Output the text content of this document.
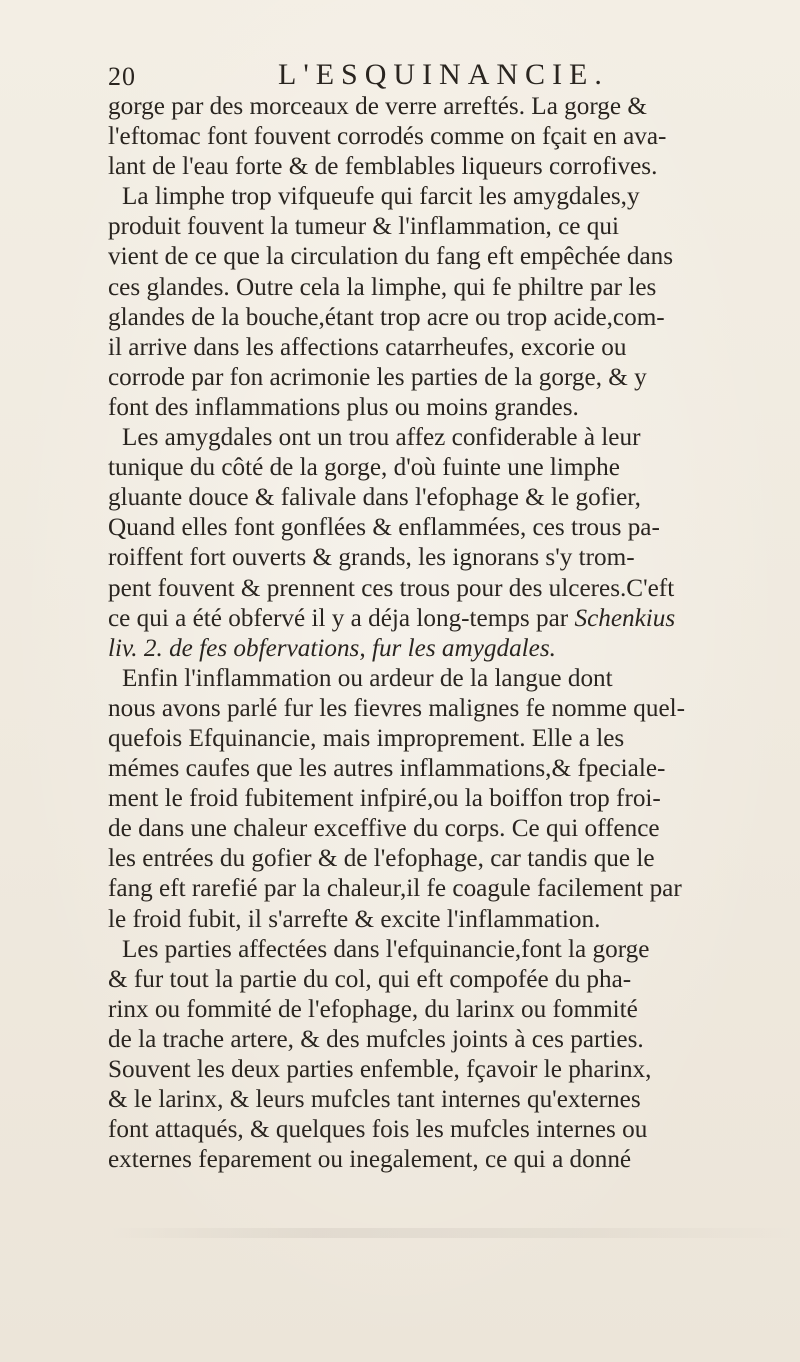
20	L'ESQUINANCIE.
gorge par des morceaux de verre arreftés. La gorge &
l'eftomac font fouvent corrodés comme on fçait en ava-
lant de l'eau forte & de femblables liqueurs corrofives.
La limphe trop vifqueufe qui farcit les amygdales,y
produit fouvent la tumeur & l'inflammation, ce qui
vient de ce que la circulation du fang eft empêchée dans
ces glandes. Outre cela la limphe, qui fe philtre par les
glandes de la bouche,étant trop acre ou trop acide,com-
il arrive dans les affections catarrheufes, excorie ou
corrode par fon acrimonie les parties de la gorge, & y
font des inflammations plus ou moins grandes.
Les amygdales ont un trou affez confiderable à leur
tunique du côté de la gorge, d'où fuinte une limphe
gluante douce & falivale dans l'efophage & le gofier,
Quand elles font gonflées & enflammées, ces trous pa-
roiffent fort ouverts & grands, les ignorans s'y trom-
pent fouvent & prennent ces trous pour des ulceres.C'eft
ce qui a été obfervé il y a déja long-temps par Schenkius
liv. 2. de fes obfervations, fur les amygdales.
Enfin l'inflammation ou ardeur de la langue dont
nous avons parlé fur les fievres malignes fe nomme quel-
quefois Efquinancie, mais improprement. Elle a les
mémes caufes que les autres inflammations,& fpeciale-
ment le froid fubitement infpiré,ou la boiffon trop froi-
de dans une chaleur exceffive du corps. Ce qui offence
les entrées du gofier & de l'efophage, car tandis que le
fang eft rarefié par la chaleur,il fe coagule facilement par
le froid fubit, il s'arrefte & excite l'inflammation.
Les parties affectées dans l'efquinancie,font la gorge
& fur tout la partie du col, qui eft compofée du pha-
rinx ou fommité de l'efophage, du larinx ou fommité
de la trache artere, & des mufcles joints à ces parties.
Souvent les deux parties enfemble, fçavoir le pharinx,
& le larinx, & leurs mufcles tant internes qu'externes
font attaqués, & quelques fois les mufcles internes ou
externes feparement ou inegalement, ce qui a donné
